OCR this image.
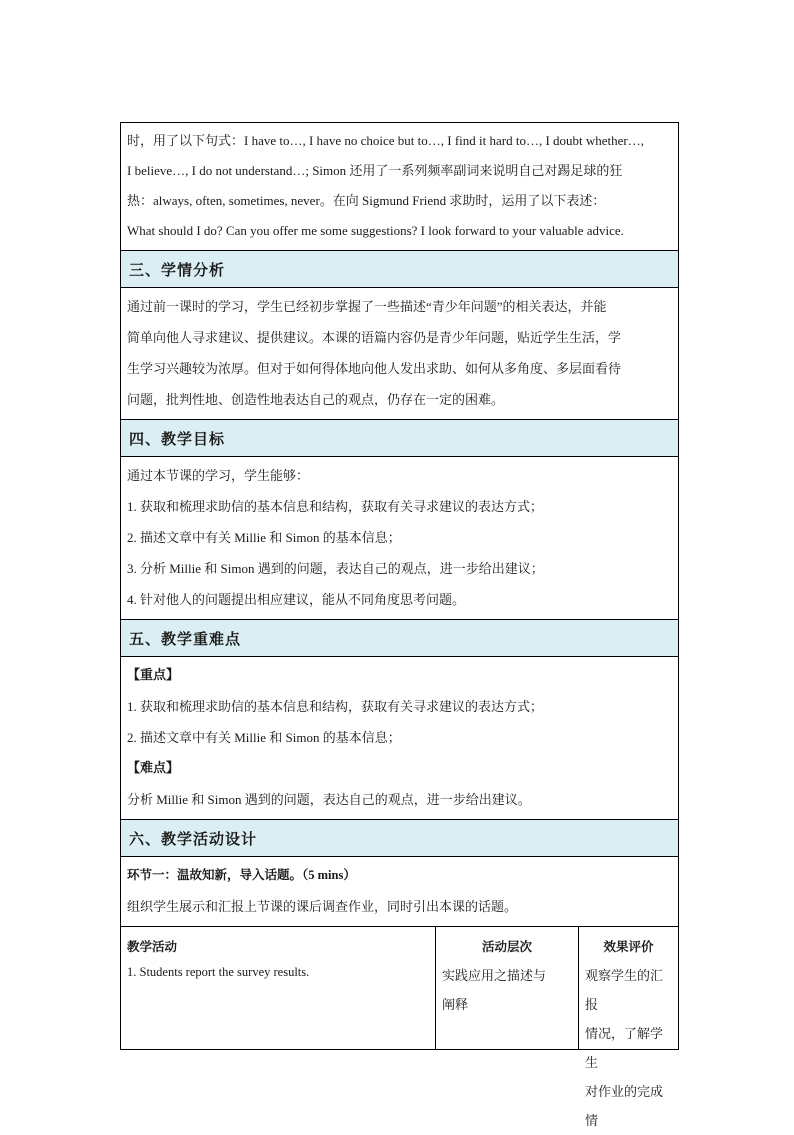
时，用了以下句式：I have to…, I have no choice but to…, I find it hard to…, I doubt whether…,

I believe…, I do not understand…; Simon 还用了一系列频率副词来说明自己对踢足球的狂

热：always, often, sometimes, never。在向 Sigmund Friend 求助时，运用了以下表述：

What should I do? Can you offer me some suggestions? I look forward to your valuable advice.

三、学情分析

通过前一课时的学习，学生已经初步掌握了一些描述“青少年问题”的相关表达，并能

简单向他人寻求建议、提供建议。本课的语篇内容仍是青少年问题，贴近学生生活，学

生学习兴趣较为浓厚。但对于如何得体地向他人发出求助、如何从多角度、多层面看待

问题，批判性地、创造性地表达自己的观点，仍存在一定的困难。

四、教学目标

通过本节课的学习，学生能够：

1. 获取和梳理求助信的基本信息和结构，获取有关寻求建议的表达方式；

2. 描述文章中有关 Millie 和 Simon 的基本信息；

3. 分析 Millie 和 Simon 遇到的问题，表达自己的观点，进一步给出建议；

4. 针对他人的问题提出相应建议，能从不同角度思考问题。

五、教学重难点

【重点】

1. 获取和梳理求助信的基本信息和结构，获取有关寻求建议的表达方式；

2. 描述文章中有关 Millie 和 Simon 的基本信息；

【难点】

分析 Millie 和 Simon 遇到的问题，表达自己的观点，进一步给出建议。

六、教学活动设计

环节一：温故知新，导入话题。（5 mins）

组织学生展示和汇报上节课的课后调查作业，同时引出本课的话题。

教学活动
1. Students report the survey results.
活动层次
实践应用之描述与
阐释
效果评价
观察学生的汇报
情况，了解学生
对作业的完成情
